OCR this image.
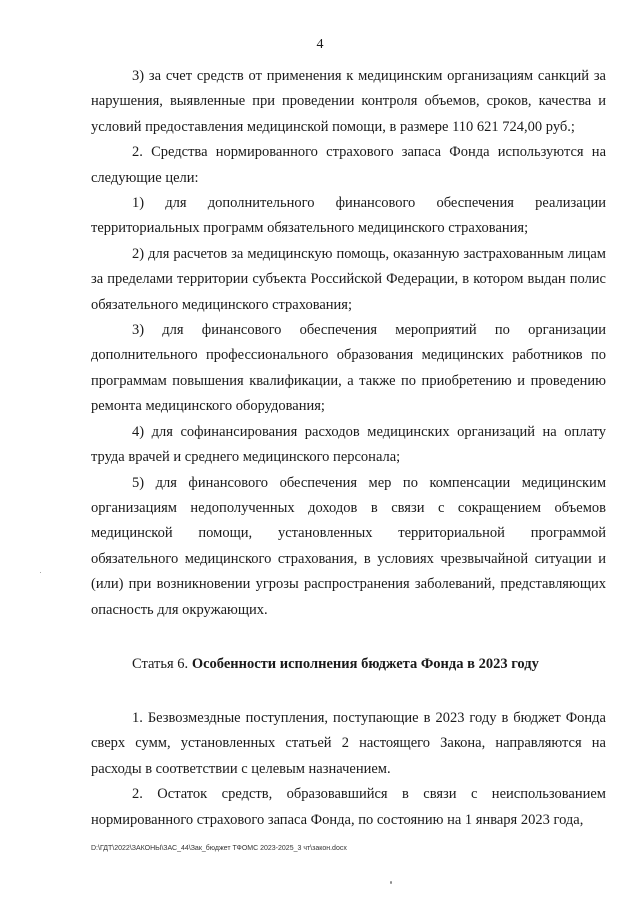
4

3) за счет средств от применения к медицинским организациям санкций за нарушения, выявленные при проведении контроля объемов, сроков, качества и условий предоставления медицинской помощи, в размере 110 621 724,00 руб.;

2. Средства нормированного страхового запаса Фонда используются на следующие цели:

1) для дополнительного финансового обеспечения реализации территориальных программ обязательного медицинского страхования;

2) для расчетов за медицинскую помощь, оказанную застрахованным лицам за пределами территории субъекта Российской Федерации, в котором выдан полис обязательного медицинского страхования;

3) для финансового обеспечения мероприятий по организации дополнительного профессионального образования медицинских работников по программам повышения квалификации, а также по приобретению и проведению ремонта медицинского оборудования;

4) для софинансирования расходов медицинских организаций на оплату труда врачей и среднего медицинского персонала;

5) для финансового обеспечения мер по компенсации медицинским организациям недополученных доходов в связи с сокращением объемов медицинской помощи, установленных территориальной программой обязательного медицинского страхования, в условиях чрезвычайной ситуации и (или) при возникновении угрозы распространения заболеваний, представляющих опасность для окружающих.

Статья 6. Особенности исполнения бюджета Фонда в 2023 году

1. Безвозмездные поступления, поступающие в 2023 году в бюджет Фонда сверх сумм, установленных статьей 2 настоящего Закона, направляются на расходы в соответствии с целевым назначением.

2. Остаток средств, образовавшийся в связи с неиспользованием нормированного страхового запаса Фонда, по состоянию на 1 января 2023 года,

D:\ГДТ\2022\ЗАКОНЫ\ЗАС_44\Зак_бюджет ТФОМС 2023-2025_3 чт\закон.docx
